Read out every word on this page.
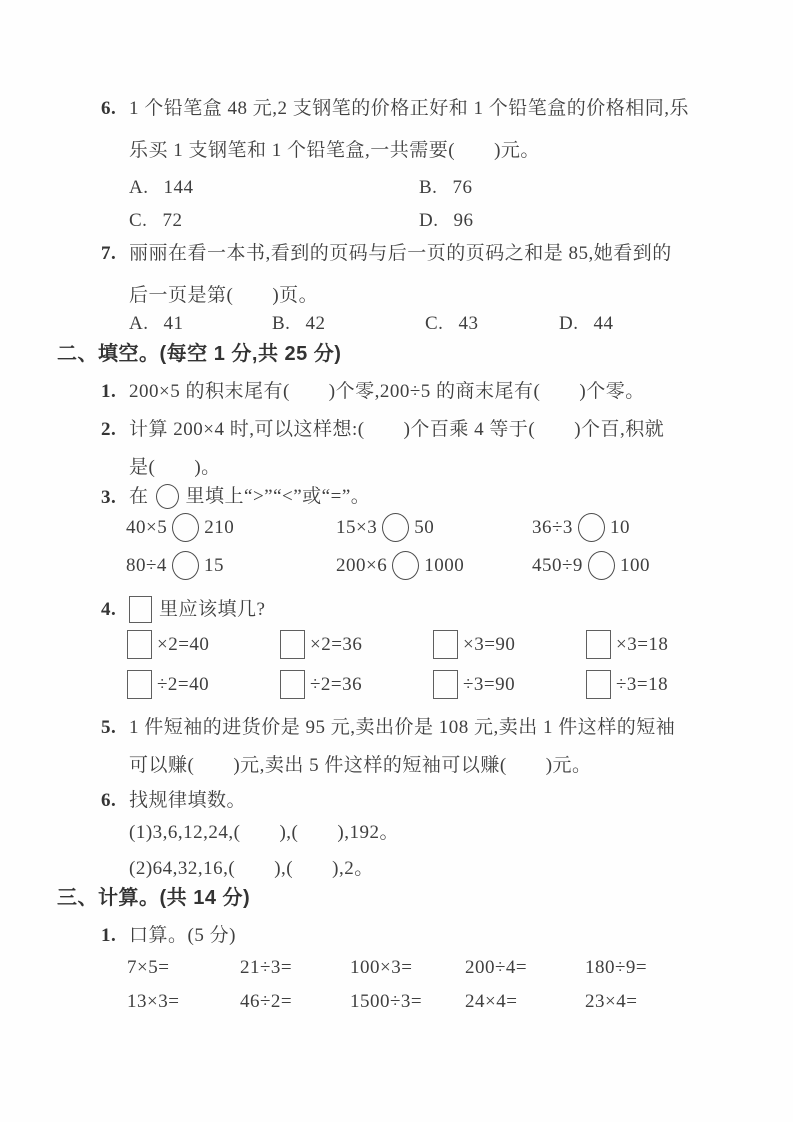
6. 1 个铅笔盒 48 元,2 支钢笔的价格正好和 1 个铅笔盒的价格相同,乐
乐买 1 支钢笔和 1 个铅笔盒,一共需要(　　)元。
A. 144	B. 76
C. 72	D. 96
7. 丽丽在看一本书,看到的页码与后一页的页码之和是 85,她看到的
后一页是第(　　)页。
A. 41	B. 42	C. 43	D. 44
二、填空。(每空 1 分,共 25 分)
1. 200×5 的积末尾有(　　)个零,200÷5 的商末尾有(　　)个零。
2. 计算 200×4 时,可以这样想:(　　)个百乘 4 等于(　　)个百,积就
是(　　)。
3. 在 里填上“>”“<”或“=”。
40×5 210	15×3 50	36÷3 10
80÷4 15	200×6 1000	450÷9 100
4. 里应该填几?
×2=40	×2=36	×3=90	×3=18
÷2=40	÷2=36	÷3=90	÷3=18
5. 1 件短袖的进货价是 95 元,卖出价是 108 元,卖出 1 件这样的短袖
可以赚(　　)元,卖出 5 件这样的短袖可以赚(　　)元。
6. 找规律填数。
(1)3,6,12,24,(　　),(　　),192。
(2)64,32,16,(　　),(　　),2。
三、计算。(共 14 分)
1. 口算。(5 分)
7×5=	21÷3=	100×3=	200÷4=	180÷9=
13×3=	46÷2=	1500÷3= 24×4=	23×4=
